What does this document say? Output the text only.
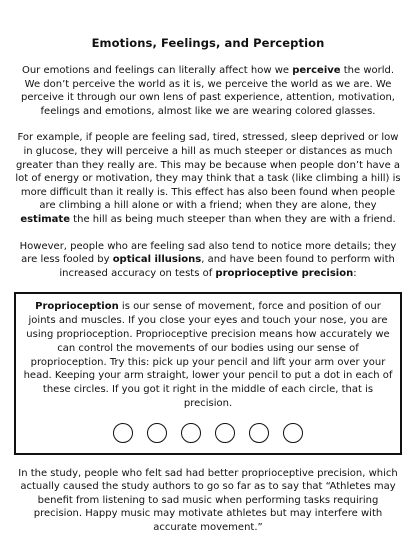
Emotions, Feelings, and Perception

Our emotions and feelings can literally affect how we perceive the world. We don’t perceive the world as it is, we perceive the world as we are. We perceive it through our own lens of past experience, attention, motivation, feelings and emotions, almost like we are wearing colored glasses.

For example, if people are feeling sad, tired, stressed, sleep deprived or low in glucose, they will perceive a hill as much steeper or distances as much greater than they really are. This may be because when people don’t have a lot of energy or motivation, they may think that a task (like climbing a hill) is more difficult than it really is. This effect has also been found when people are climbing a hill alone or with a friend; when they are alone, they estimate the hill as being much steeper than when they are with a friend.

However, people who are feeling sad also tend to notice more details; they are less fooled by optical illusions, and have been found to perform with increased accuracy on tests of proprioceptive precision:

Proprioception is our sense of movement, force and position of our joints and muscles. If you close your eyes and touch your nose, you are using proprioception. Proprioceptive precision means how accurately we can control the movements of our bodies using our sense of proprioception. Try this: pick up your pencil and lift your arm over your head. Keeping your arm straight, lower your pencil to put a dot in each of these circles. If you got it right in the middle of each circle, that is precision.

In the study, people who felt sad had better proprioceptive precision, which actually caused the study authors to go so far as to say that “Athletes may benefit from listening to sad music when performing tasks requiring precision. Happy music may motivate athletes but may interfere with accurate movement.”
